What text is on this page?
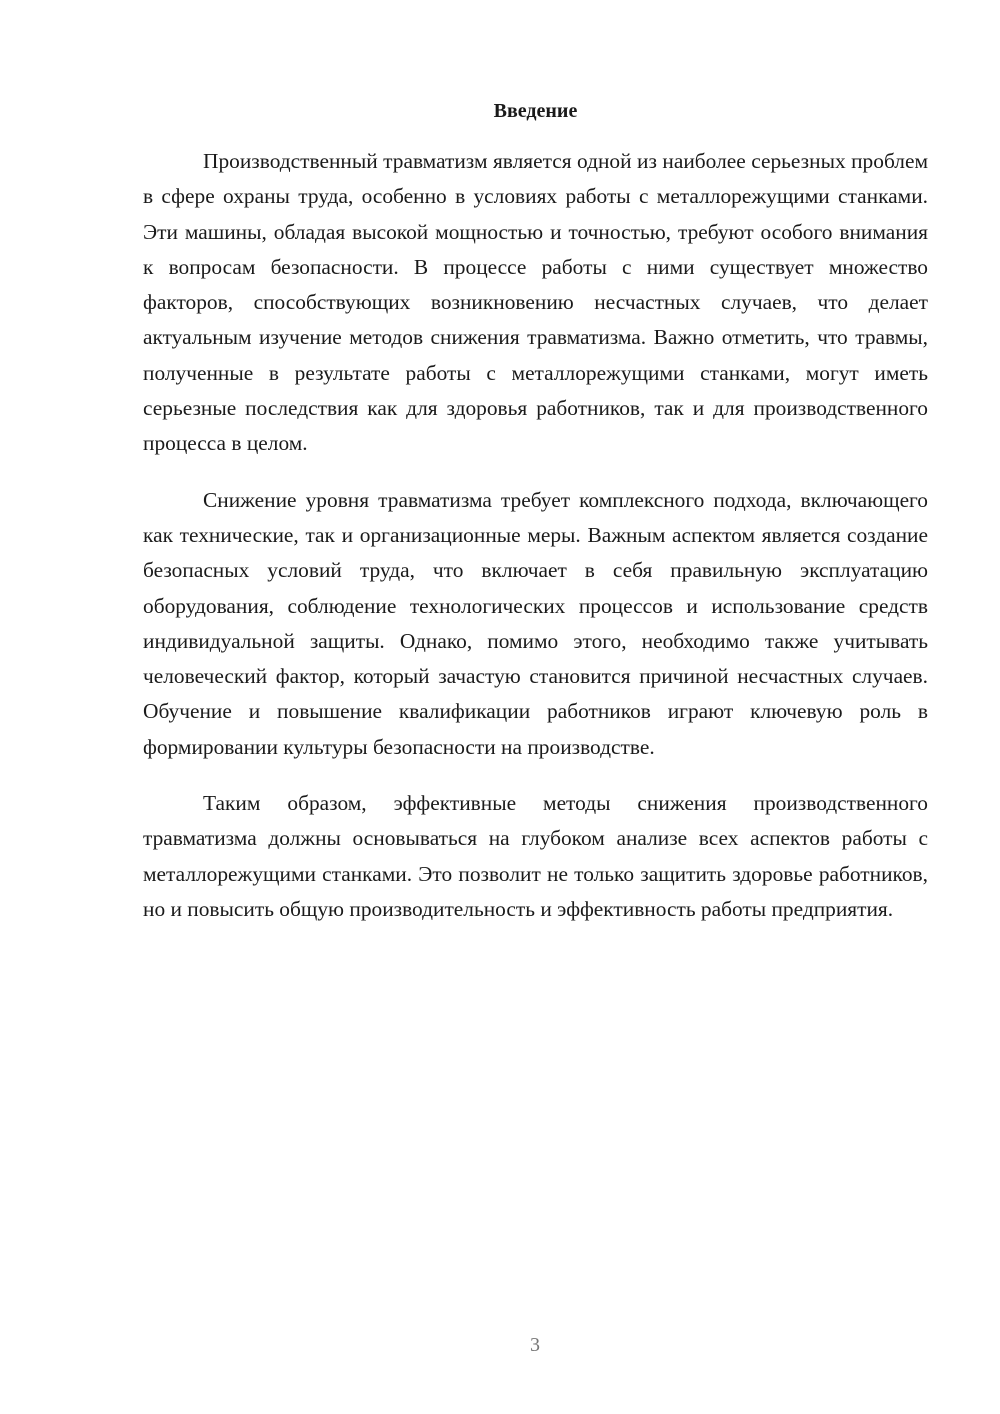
Введение

Производственный травматизм является одной из наиболее серьезных проблем в сфере охраны труда, особенно в условиях работы с металлорежущими станками. Эти машины, обладая высокой мощностью и точностью, требуют особого внимания к вопросам безопасности. В процессе работы с ними существует множество факторов, способствующих возникновению несчастных случаев, что делает актуальным изучение методов снижения травматизма. Важно отметить, что травмы, полученные в результате работы с металлорежущими станками, могут иметь серьезные последствия как для здоровья работников, так и для производственного процесса в целом.

Снижение уровня травматизма требует комплексного подхода, включающего как технические, так и организационные меры. Важным аспектом является создание безопасных условий труда, что включает в себя правильную эксплуатацию оборудования, соблюдение технологических процессов и использование средств индивидуальной защиты. Однако, помимо этого, необходимо также учитывать человеческий фактор, который зачастую становится причиной несчастных случаев. Обучение и повышение квалификации работников играют ключевую роль в формировании культуры безопасности на производстве.

Таким образом, эффективные методы снижения производственного травматизма должны основываться на глубоком анализе всех аспектов работы с металлорежущими станками. Это позволит не только защитить здоровье работников, но и повысить общую производительность и эффективность работы предприятия.

3
